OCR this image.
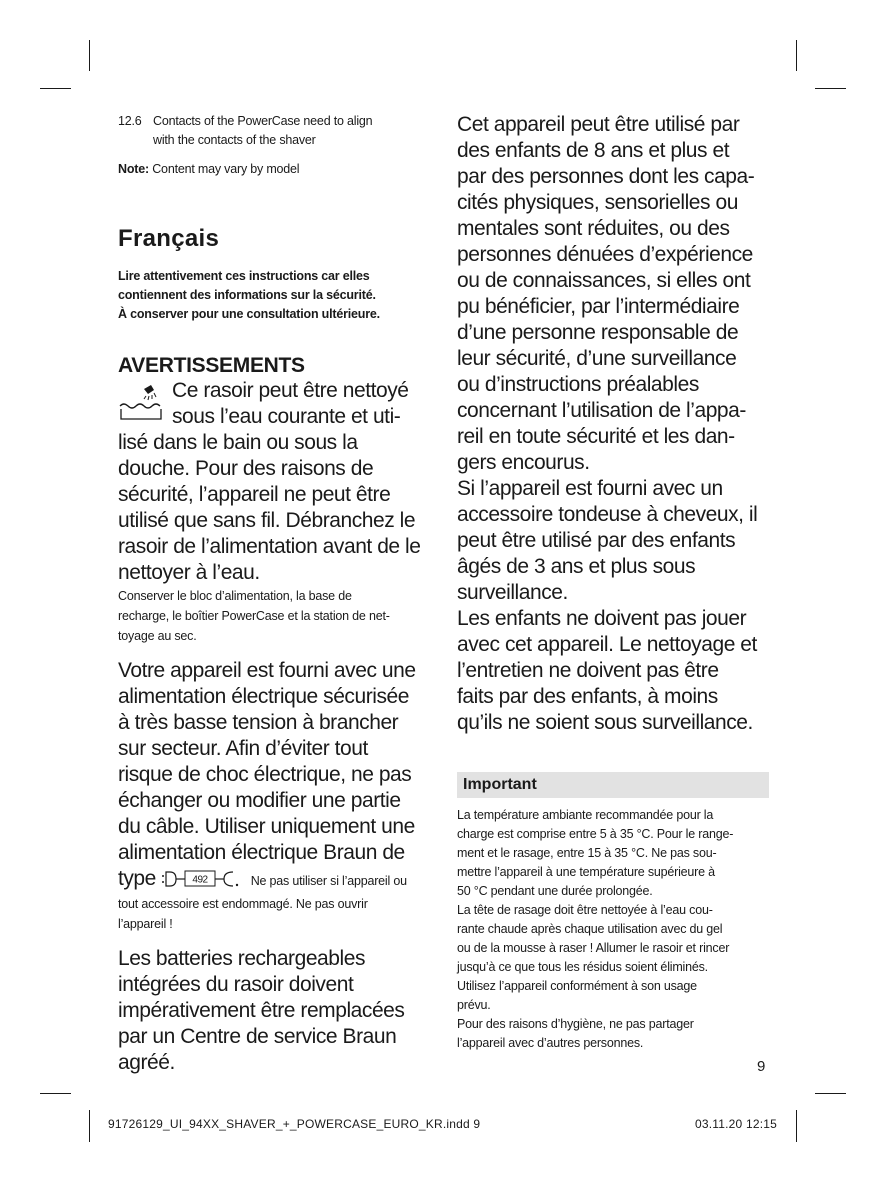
12.6 Contacts of the PowerCase need to align
with the contacts of the shaver
Note: Content may vary by model
Français
Lire attentivement ces instructions car elles
contiennent des informations sur la sécurité.
À conserver pour une consultation ultérieure.
AVERTISSEMENTS
Ce rasoir peut être nettoyé
sous l’eau courante et uti-
lisé dans le bain ou sous la
douche. Pour des raisons de
sécurité, l’appareil ne peut être
utilisé que sans fil. Débranchez le
rasoir de l’alimentation avant de le
nettoyer à l’eau.
Conserver le bloc d’alimentation, la base de
recharge, le boîtier PowerCase et la station de net-
toyage au sec.
Votre appareil est fourni avec une
alimentation électrique sécurisée
à très basse tension à brancher
sur secteur. Afin d’éviter tout
risque de choc électrique, ne pas
échanger ou modifier une partie
du câble. Utiliser uniquement une
alimentation électrique Braun de
type	492	Ne pas utiliser si l’appareil ou
tout accessoire est endommagé. Ne pas ouvrir
l’appareil !
Les batteries rechargeables
intégrées du rasoir doivent
impérativement être remplacées
par un Centre de service Braun
agréé.
Cet appareil peut être utilisé par
des enfants de 8 ans et plus et
par des personnes dont les capa-
cités physiques, sensorielles ou
mentales sont réduites, ou des
personnes dénuées d’expérience
ou de connaissances, si elles ont
pu bénéficier, par l’intermédiaire
d’une personne responsable de
leur sécurité, d’une surveillance
ou d’instructions préalables
concernant l’utilisation de l’appa-
reil en toute sécurité et les dan-
gers encourus.
Si l’appareil est fourni avec un
accessoire tondeuse à cheveux, il
peut être utilisé par des enfants
âgés de 3 ans et plus sous
surveillance.
Les enfants ne doivent pas jouer
avec cet appareil. Le nettoyage et
l’entretien ne doivent pas être
faits par des enfants, à moins
qu’ils ne soient sous surveillance.
Important
La température ambiante recommandée pour la
charge est comprise entre 5 à 35 °C. Pour le range-
ment et le rasage, entre 15 à 35 °C. Ne pas sou-
mettre l’appareil à une température supérieure à
50 °C pendant une durée prolongée.
La tête de rasage doit être nettoyée à l’eau cou-
rante chaude après chaque utilisation avec du gel
ou de la mousse à raser ! Allumer le rasoir et rincer
jusqu’à ce que tous les résidus soient éliminés.
Utilisez l’appareil conformément à son usage
prévu.
Pour des raisons d’hygiène, ne pas partager
l’appareil avec d’autres personnes.
9
91726129_UI_94XX_SHAVER_+_POWERCASE_EURO_KR.indd 9	03.11.20 12:15
